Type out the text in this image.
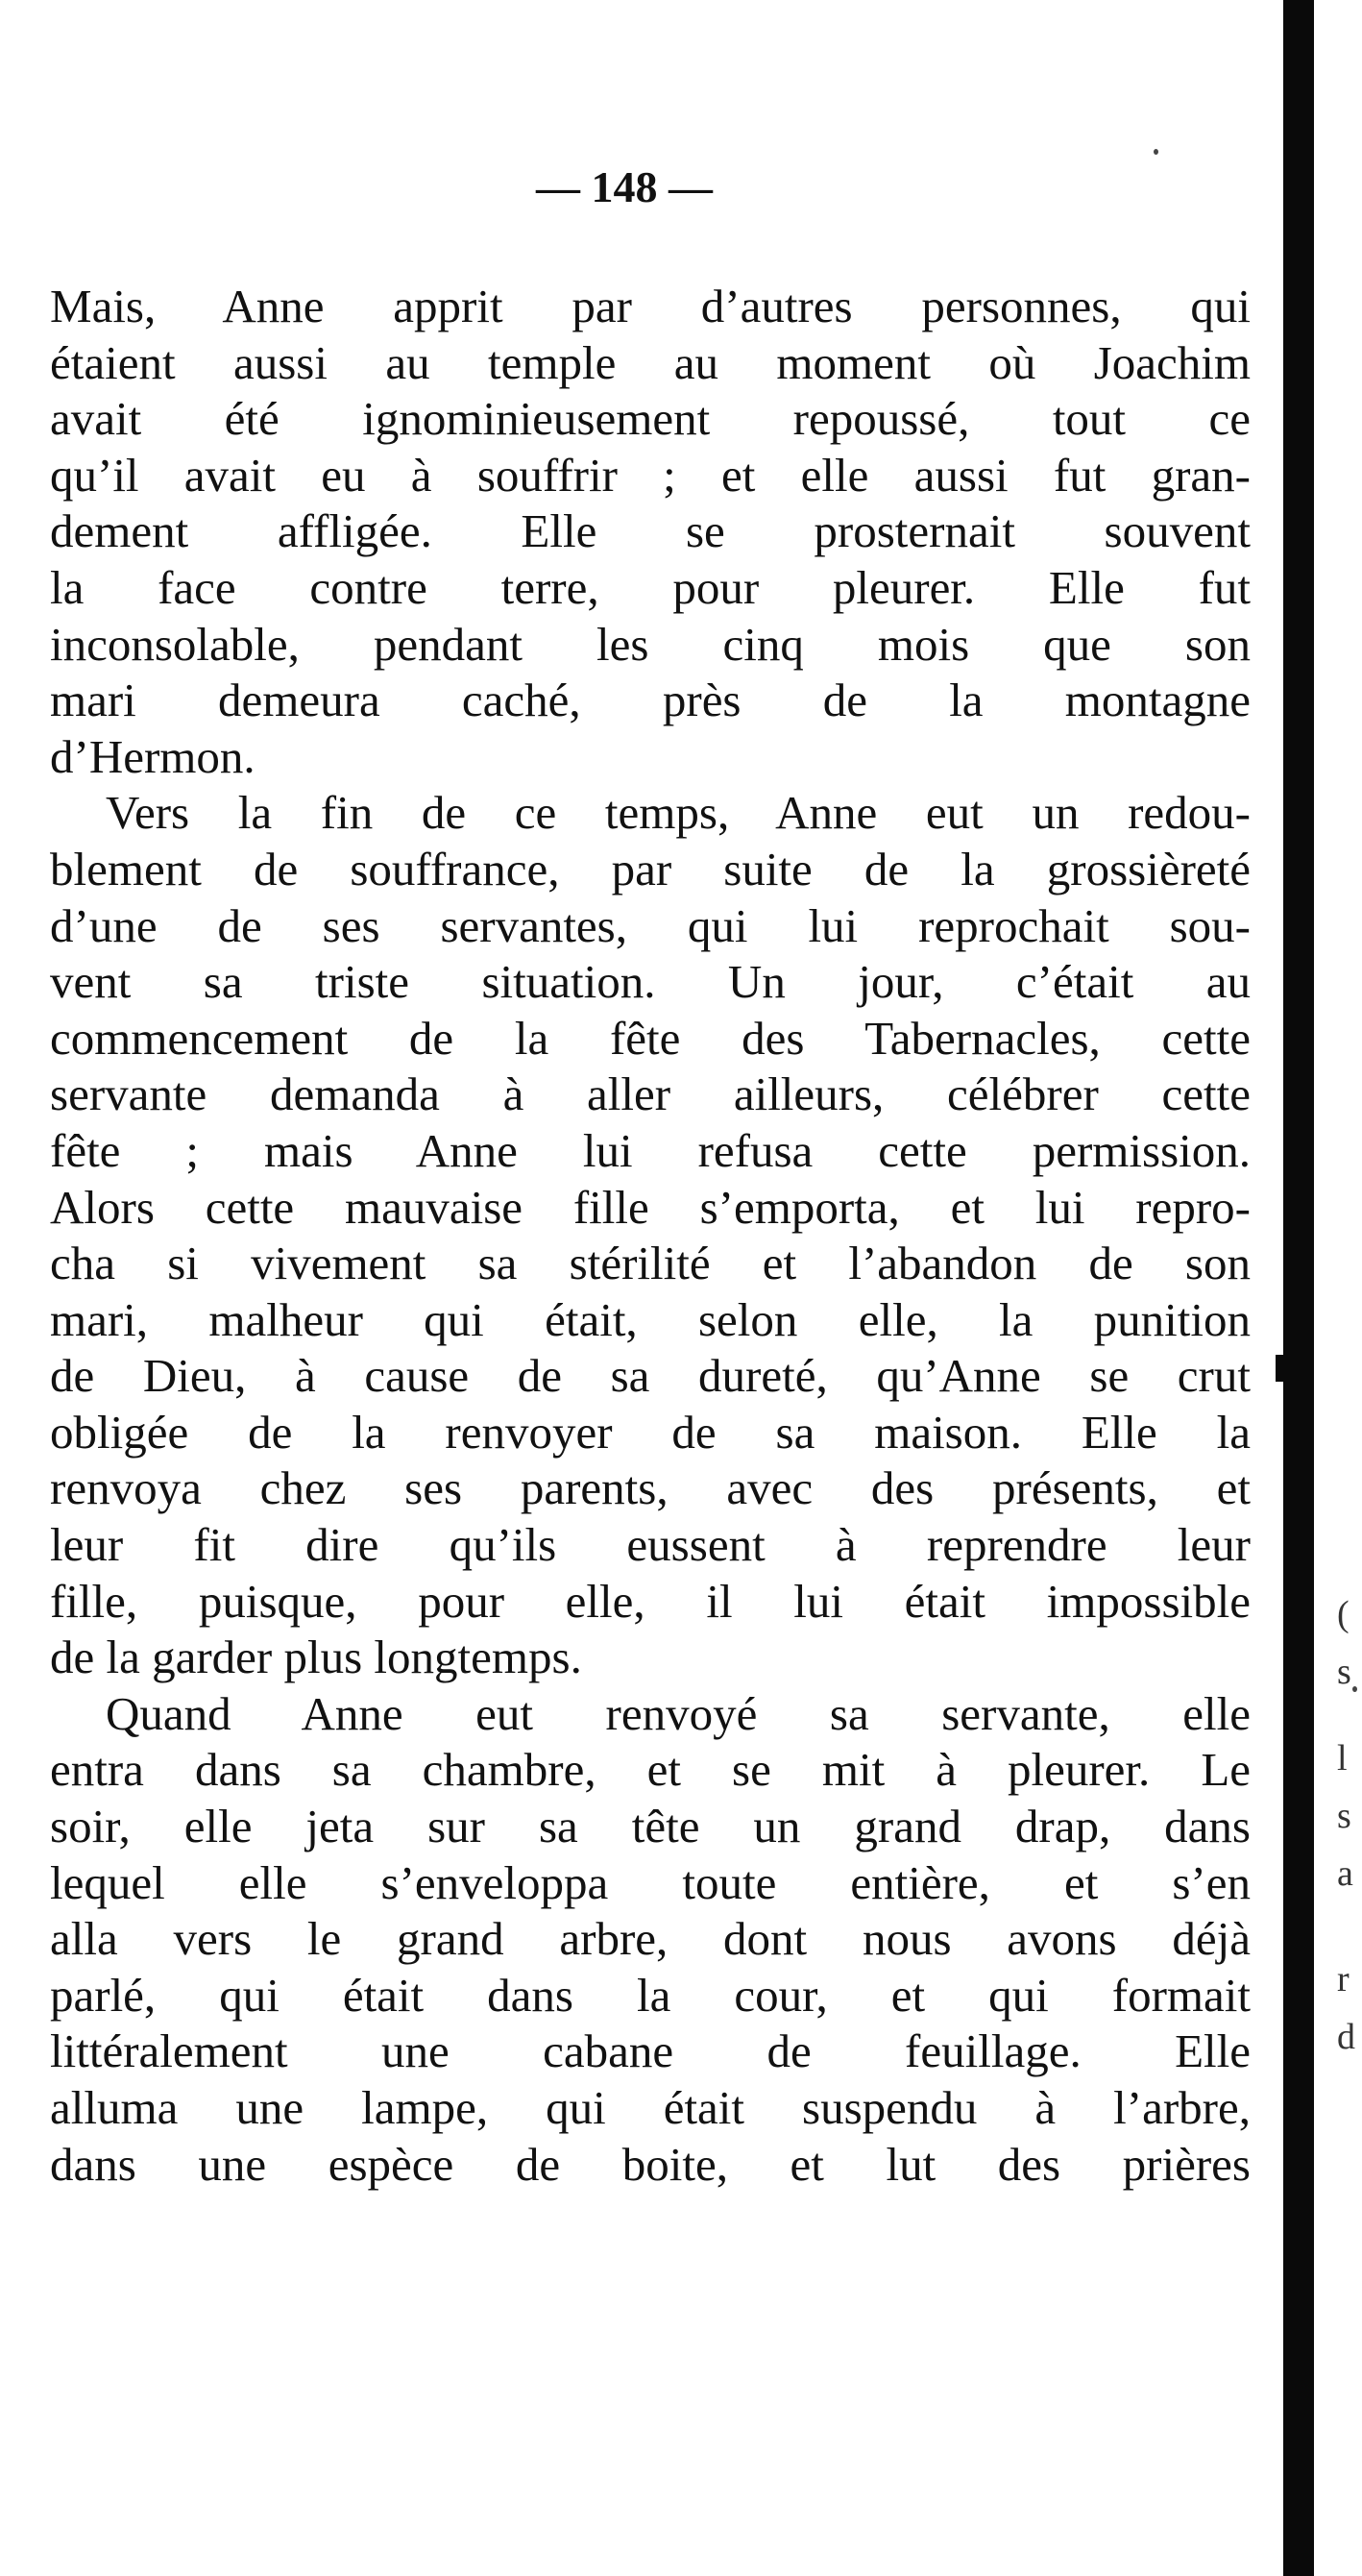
— 148 —
Mais, Anne apprit par d’autres personnes, qui
étaient aussi au temple au moment où Joachim
avait été ignominieusement repoussé, tout ce
qu’il avait eu à souffrir ; et elle aussi fut gran-
dement affligée. Elle se prosternait souvent
la face contre terre, pour pleurer. Elle fut
inconsolable, pendant les cinq mois que son
mari demeura caché, près de la montagne
d’Hermon.
Vers la fin de ce temps, Anne eut un redou-
blement de souffrance, par suite de la grossièreté
d’une de ses servantes, qui lui reprochait sou-
vent sa triste situation. Un jour, c’était au
commencement de la fête des Tabernacles, cette
servante demanda à aller ailleurs, célébrer cette
fête ; mais Anne lui refusa cette permission.
Alors cette mauvaise fille s’emporta, et lui repro-
cha si vivement sa stérilité et l’abandon de son
mari, malheur qui était, selon elle, la punition
de Dieu, à cause de sa dureté, qu’Anne se crut
obligée de la renvoyer de sa maison. Elle la
renvoya chez ses parents, avec des présents, et
leur fit dire qu’ils eussent à reprendre leur
fille, puisque, pour elle, il lui était impossible
de la garder plus longtemps.
Quand Anne eut renvoyé sa servante, elle
entra dans sa chambre, et se mit à pleurer. Le
soir, elle jeta sur sa tête un grand drap, dans
lequel elle s’enveloppa toute entière, et s’en
alla vers le grand arbre, dont nous avons déjà
parlé, qui était dans la cour, et qui formait
littéralement une cabane de feuillage. Elle
alluma une lampe, qui était suspendu à l’arbre,
dans une espèce de boite, et lut des prières
(
s
l
s
a
r
d
